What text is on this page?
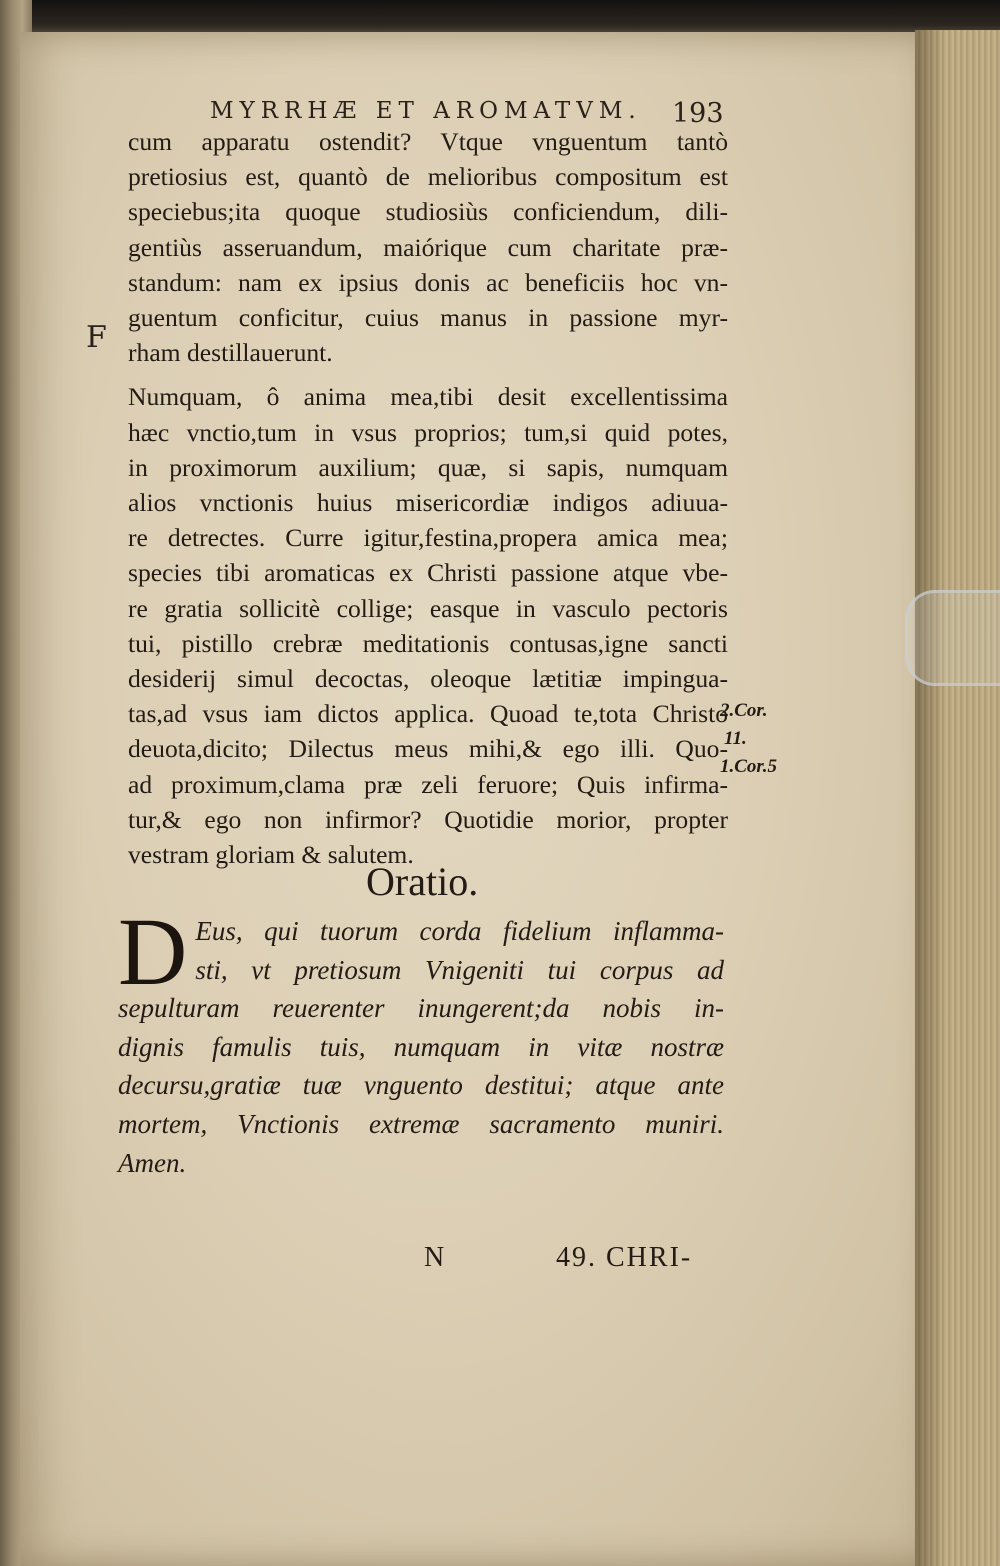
F
MYRRHÆ ET AROMATVM.	193
cum apparatu ostendit? Vtque vnguentum tantò
pretiosius est, quantò de melioribus compositum est
speciebus;ita quoque studiosiùs conficiendum, dili-
gentiùs asseruandum, maiórique cum charitate præ-
standum: nam ex ipsius donis ac beneficiis hoc vn-
guentum conficitur, cuius manus in passione myr-
rham destillauerunt.
Numquam, ô anima mea,tibi desit excellentissima
hæc vnctio,tum in vsus proprios; tum,si quid potes,
in proximorum auxilium; quæ, si sapis, numquam
alios vnctionis huius misericordiæ indigos adiuua-
re detrectes. Curre igitur,festina,propera amica mea;
species tibi aromaticas ex Christi passione atque vbe-
re gratia sollicitè collige; easque in vasculo pectoris
tui, pistillo crebræ meditationis contusas,igne sancti
desiderij simul decoctas, oleoque lætitiæ impingua-
tas,ad vsus iam dictos applica. Quoad te,tota Christo
deuota,dicito; Dilectus meus mihi,& ego illi. Quo-
ad proximum,clama præ zeli feruore; Quis infirma-
tur,& ego non infirmor? Quotidie morior, propter
vestram gloriam & salutem.
2.Cor.
11.
1.Cor.5
Oratio.
D Eus, qui tuorum corda fidelium inflamma-
sti, vt pretiosum Vnigeniti tui corpus ad
sepulturam reuerenter inungerent;da nobis in-
dignis famulis tuis, numquam in vitæ nostræ
decursu,gratiæ tuæ vnguento destitui; atque ante
mortem, Vnctionis extremæ sacramento muniri.
Amen.
N	49. CHRI-
